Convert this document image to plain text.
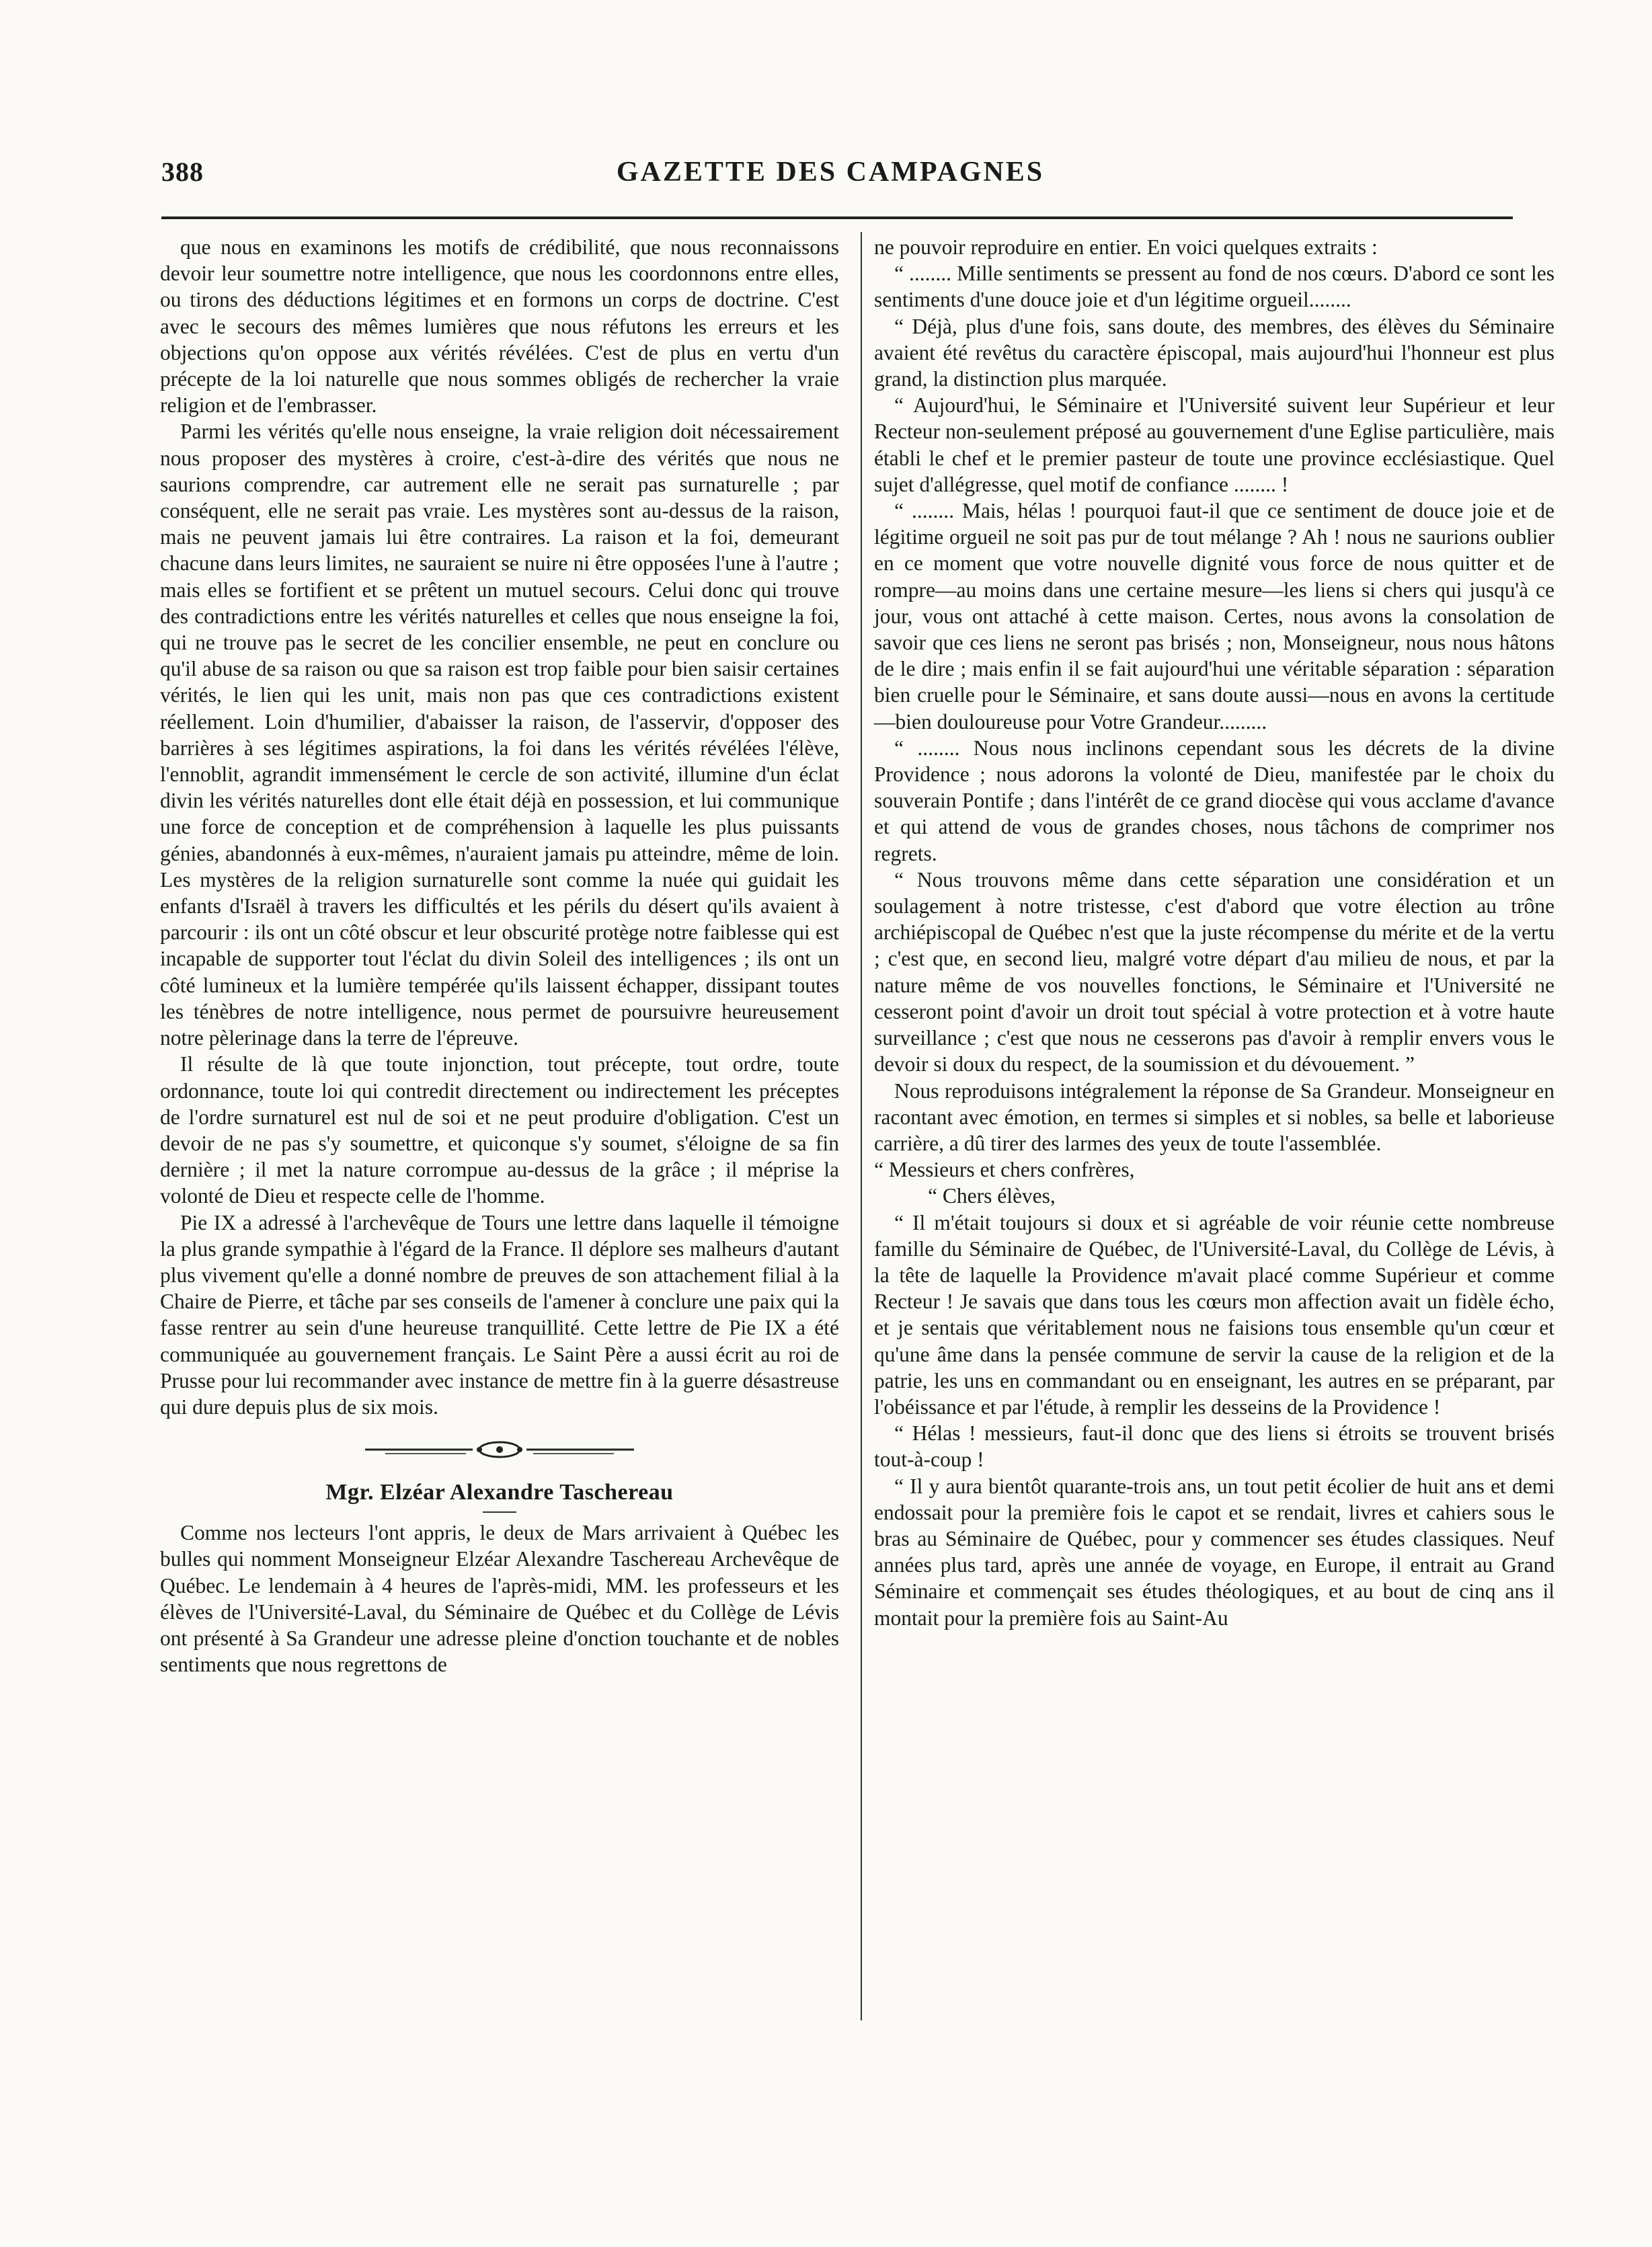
388	GAZETTE DES CAMPAGNES

que nous en examinons les motifs de crédibilité, que nous reconnaissons devoir leur soumettre notre intelligence, que nous les coordonnons entre elles, ou tirons des déductions légitimes et en formons un corps de doctrine. C'est avec le secours des mêmes lumières que nous réfutons les erreurs et les objections qu'on oppose aux vérités révélées. C'est de plus en vertu d'un précepte de la loi naturelle que nous sommes obligés de rechercher la vraie religion et de l'embrasser.

Parmi les vérités qu'elle nous enseigne, la vraie religion doit nécessairement nous proposer des mystères à croire, c'est-à-dire des vérités que nous ne saurions comprendre, car autrement elle ne serait pas surnaturelle ; par conséquent, elle ne serait pas vraie. Les mystères sont au-dessus de la raison, mais ne peuvent jamais lui être contraires. La raison et la foi, demeurant chacune dans leurs limites, ne sauraient se nuire ni être opposées l'une à l'autre ; mais elles se fortifient et se prêtent un mutuel secours. Celui donc qui trouve des contradictions entre les vérités naturelles et celles que nous enseigne la foi, qui ne trouve pas le secret de les concilier ensemble, ne peut en conclure ou qu'il abuse de sa raison ou que sa raison est trop faible pour bien saisir certaines vérités, le lien qui les unit, mais non pas que ces contradictions existent réellement. Loin d'humilier, d'abaisser la raison, de l'asservir, d'opposer des barrières à ses légitimes aspirations, la foi dans les vérités révélées l'élève, l'ennoblit, agrandit immensément le cercle de son activité, illumine d'un éclat divin les vérités naturelles dont elle était déjà en possession, et lui communique une force de conception et de compréhension à laquelle les plus puissants génies, abandonnés à eux-mêmes, n'auraient jamais pu atteindre, même de loin. Les mystères de la religion surnaturelle sont comme la nuée qui guidait les enfants d'Israël à travers les difficultés et les périls du désert qu'ils avaient à parcourir : ils ont un côté obscur et leur obscurité protège notre faiblesse qui est incapable de supporter tout l'éclat du divin Soleil des intelligences ; ils ont un côté lumineux et la lumière tempérée qu'ils laissent échapper, dissipant toutes les ténèbres de notre intelligence, nous permet de poursuivre heureusement notre pèlerinage dans la terre de l'épreuve.

Il résulte de là que toute injonction, tout précepte, tout ordre, toute ordonnance, toute loi qui contredit directement ou indirectement les préceptes de l'ordre surnaturel est nul de soi et ne peut produire d'obligation. C'est un devoir de ne pas s'y soumettre, et quiconque s'y soumet, s'éloigne de sa fin dernière ; il met la nature corrompue au-dessus de la grâce ; il méprise la volonté de Dieu et respecte celle de l'homme.

Pie IX a adressé à l'archevêque de Tours une lettre dans laquelle il témoigne la plus grande sympathie à l'égard de la France. Il déplore ses malheurs d'autant plus vivement qu'elle a donné nombre de preuves de son attachement filial à la Chaire de Pierre, et tâche par ses conseils de l'amener à conclure une paix qui la fasse rentrer au sein d'une heureuse tranquillité. Cette lettre de Pie IX a été communiquée au gouvernement français. Le Saint Père a aussi écrit au roi de Prusse pour lui recommander avec instance de mettre fin à la guerre désastreuse qui dure depuis plus de six mois.

Mgr. Elzéar Alexandre Taschereau

Comme nos lecteurs l'ont appris, le deux de Mars arrivaient à Québec les bulles qui nomment Monseigneur Elzéar Alexandre Taschereau Archevêque de Québec. Le lendemain à 4 heures de l'après-midi, MM. les professeurs et les élèves de l'Université-Laval, du Séminaire de Québec et du Collège de Lévis ont présenté à Sa Grandeur une adresse pleine d'onction touchante et de nobles sentiments que nous regrettons de

ne pouvoir reproduire en entier. En voici quelques extraits :

“ ........ Mille sentiments se pressent au fond de nos cœurs. D'abord ce sont les sentiments d'une douce joie et d'un légitime orgueil........

“ Déjà, plus d'une fois, sans doute, des membres, des élèves du Séminaire avaient été revêtus du caractère épiscopal, mais aujourd'hui l'honneur est plus grand, la distinction plus marquée.

“ Aujourd'hui, le Séminaire et l'Université suivent leur Supérieur et leur Recteur non-seulement préposé au gouvernement d'une Eglise particulière, mais établi le chef et le premier pasteur de toute une province ecclésiastique. Quel sujet d'allégresse, quel motif de confiance ........ !

“ ........ Mais, hélas ! pourquoi faut-il que ce sentiment de douce joie et de légitime orgueil ne soit pas pur de tout mélange ? Ah ! nous ne saurions oublier en ce moment que votre nouvelle dignité vous force de nous quitter et de rompre—au moins dans une certaine mesure—les liens si chers qui jusqu'à ce jour, vous ont attaché à cette maison. Certes, nous avons la consolation de savoir que ces liens ne seront pas brisés ; non, Monseigneur, nous nous hâtons de le dire ; mais enfin il se fait aujourd'hui une véritable séparation : séparation bien cruelle pour le Séminaire, et sans doute aussi—nous en avons la certitude—bien douloureuse pour Votre Grandeur.........

“ ........ Nous nous inclinons cependant sous les décrets de la divine Providence ; nous adorons la volonté de Dieu, manifestée par le choix du souverain Pontife ; dans l'intérêt de ce grand diocèse qui vous acclame d'avance et qui attend de vous de grandes choses, nous tâchons de comprimer nos regrets.

“ Nous trouvons même dans cette séparation une considération et un soulagement à notre tristesse, c'est d'abord que votre élection au trône archiépiscopal de Québec n'est que la juste récompense du mérite et de la vertu ; c'est que, en second lieu, malgré votre départ d'au milieu de nous, et par la nature même de vos nouvelles fonctions, le Séminaire et l'Université ne cesseront point d'avoir un droit tout spécial à votre protection et à votre haute surveillance ; c'est que nous ne cesserons pas d'avoir à remplir envers vous le devoir si doux du respect, de la soumission et du dévouement. ”

Nous reproduisons intégralement la réponse de Sa Grandeur. Monseigneur en racontant avec émotion, en termes si simples et si nobles, sa belle et laborieuse carrière, a dû tirer des larmes des yeux de toute l'assemblée.

“ Messieurs et chers confrères,

“ Chers élèves,

“ Il m'était toujours si doux et si agréable de voir réunie cette nombreuse famille du Séminaire de Québec, de l'Université-Laval, du Collège de Lévis, à la tête de laquelle la Providence m'avait placé comme Supérieur et comme Recteur ! Je savais que dans tous les cœurs mon affection avait un fidèle écho, et je sentais que véritablement nous ne faisions tous ensemble qu'un cœur et qu'une âme dans la pensée commune de servir la cause de la religion et de la patrie, les uns en commandant ou en enseignant, les autres en se préparant, par l'obéissance et par l'étude, à remplir les desseins de la Providence !

“ Hélas ! messieurs, faut-il donc que des liens si étroits se trouvent brisés tout-à-coup !

“ Il y aura bientôt quarante-trois ans, un tout petit écolier de huit ans et demi endossait pour la première fois le capot et se rendait, livres et cahiers sous le bras au Séminaire de Québec, pour y commencer ses études classiques. Neuf années plus tard, après une année de voyage, en Europe, il entrait au Grand Séminaire et commençait ses études théologiques, et au bout de cinq ans il montait pour la première fois au Saint-Au
